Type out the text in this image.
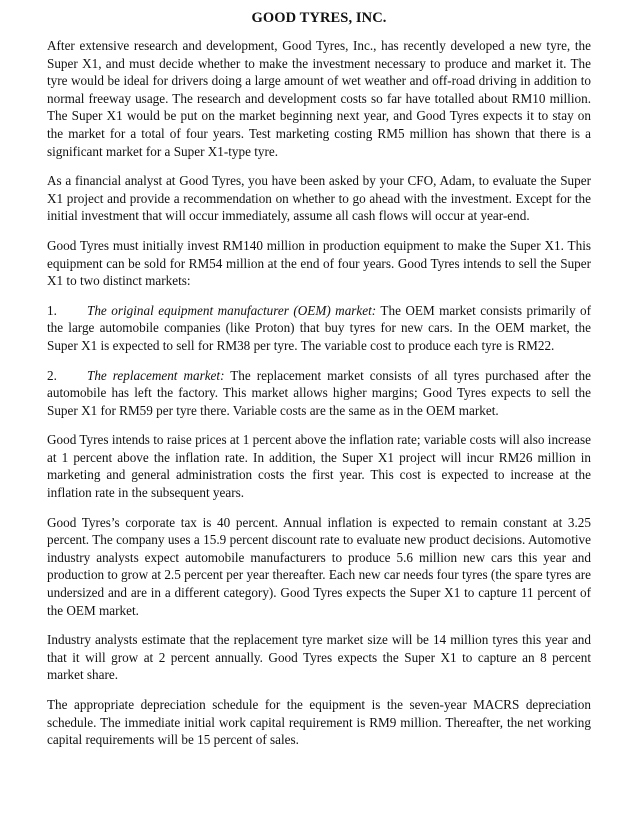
GOOD TYRES, INC.

After extensive research and development, Good Tyres, Inc., has recently developed a new tyre, the Super X1, and must decide whether to make the investment necessary to produce and market it. The tyre would be ideal for drivers doing a large amount of wet weather and off-road driving in addition to normal freeway usage. The research and development costs so far have totalled about RM10 million. The Super X1 would be put on the market beginning next year, and Good Tyres expects it to stay on the market for a total of four years. Test marketing costing RM5 million has shown that there is a significant market for a Super X1-type tyre.

As a financial analyst at Good Tyres, you have been asked by your CFO, Adam, to evaluate the Super X1 project and provide a recommendation on whether to go ahead with the investment. Except for the initial investment that will occur immediately, assume all cash flows will occur at year-end.

Good Tyres must initially invest RM140 million in production equipment to make the Super X1. This equipment can be sold for RM54 million at the end of four years. Good Tyres intends to sell the Super X1 to two distinct markets:

1. The original equipment manufacturer (OEM) market: The OEM market consists primarily of the large automobile companies (like Proton) that buy tyres for new cars. In the OEM market, the Super X1 is expected to sell for RM38 per tyre. The variable cost to produce each tyre is RM22.

2. The replacement market: The replacement market consists of all tyres purchased after the automobile has left the factory. This market allows higher margins; Good Tyres expects to sell the Super X1 for RM59 per tyre there. Variable costs are the same as in the OEM market.

Good Tyres intends to raise prices at 1 percent above the inflation rate; variable costs will also increase at 1 percent above the inflation rate. In addition, the Super X1 project will incur RM26 million in marketing and general administration costs the first year. This cost is expected to increase at the inflation rate in the subsequent years.

Good Tyres’s corporate tax is 40 percent. Annual inflation is expected to remain constant at 3.25 percent. The company uses a 15.9 percent discount rate to evaluate new product decisions. Automotive industry analysts expect automobile manufacturers to produce 5.6 million new cars this year and production to grow at 2.5 percent per year thereafter. Each new car needs four tyres (the spare tyres are undersized and are in a different category). Good Tyres expects the Super X1 to capture 11 percent of the OEM market.

Industry analysts estimate that the replacement tyre market size will be 14 million tyres this year and that it will grow at 2 percent annually. Good Tyres expects the Super X1 to capture an 8 percent market share.

The appropriate depreciation schedule for the equipment is the seven-year MACRS depreciation schedule. The immediate initial work capital requirement is RM9 million. Thereafter, the net working capital requirements will be 15 percent of sales.
